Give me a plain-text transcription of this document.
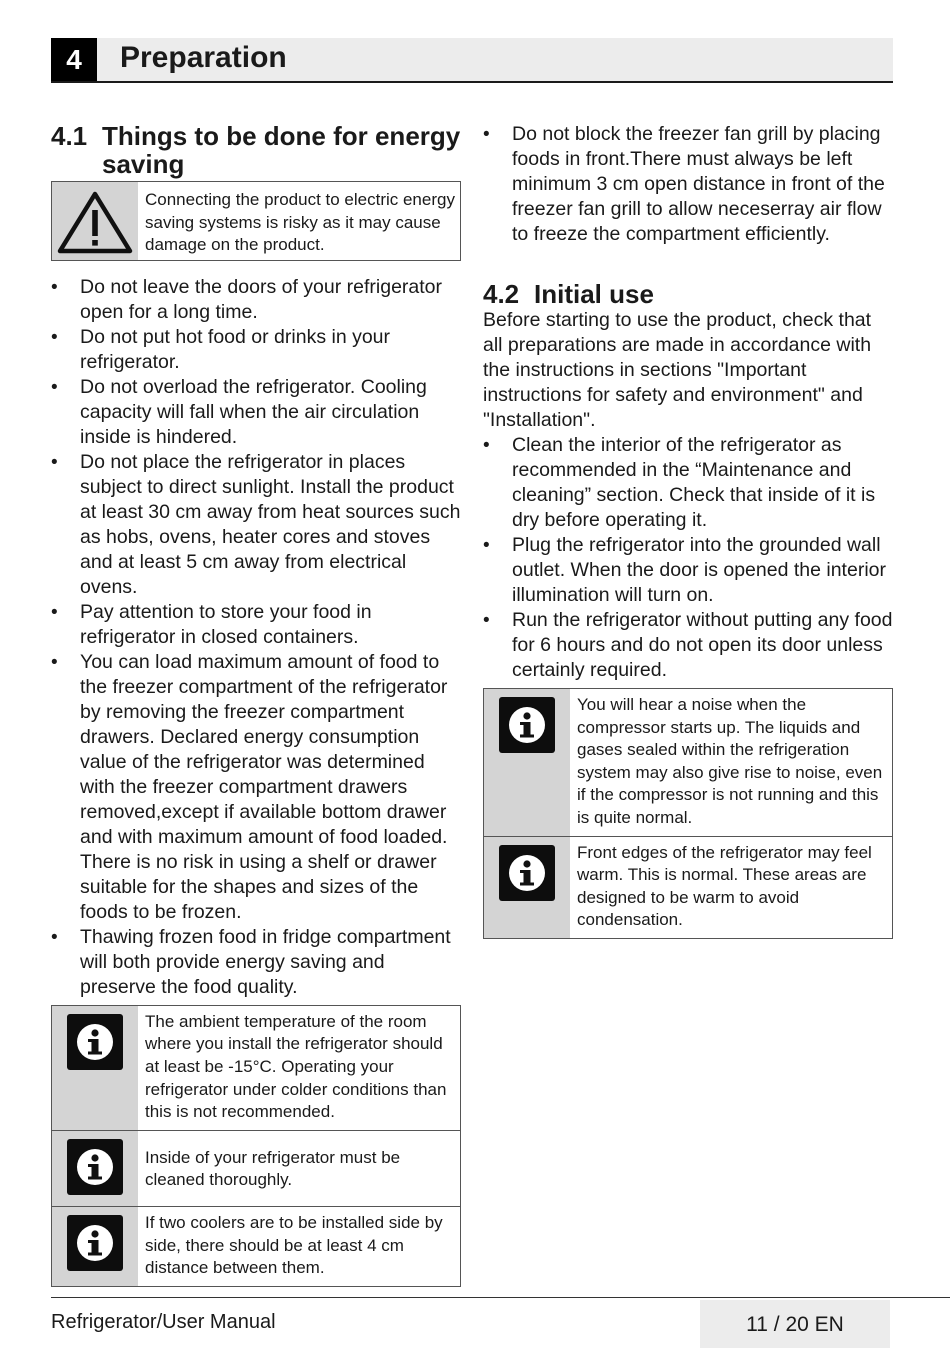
4	Preparation
4.1 Things to be done for energy saving
Connecting the product to electric energy saving systems is risky as it may cause damage on the product.
• Do not leave the doors of your refrigerator open for a long time.
• Do not put hot food or drinks in your refrigerator.
• Do not overload the refrigerator. Cooling capacity will fall when the air circulation inside is hindered.
• Do not place the refrigerator in places subject to direct sunlight. Install the product at least 30 cm away from heat sources such as hobs, ovens, heater cores and stoves and at least 5 cm away from electrical ovens.
• Pay attention to store your food in refrigerator in closed containers.
• You can load maximum amount of food to the freezer compartment of the refrigerator by removing the freezer compartment drawers. Declared energy consumption value of the refrigerator was determined with the freezer compartment drawers removed,except if available bottom drawer and with maximum amount of food loaded. There is no risk in using a shelf or drawer suitable for the shapes and sizes of the foods to be frozen.
• Thawing frozen food in fridge compartment will both provide energy saving and preserve the food quality.
The ambient temperature of the room where you install the refrigerator should at least be -15°C. Operating your refrigerator under colder conditions than this is not recommended.
Inside of your refrigerator must be cleaned thoroughly.
If two coolers are to be installed side by side, there should be at least 4 cm distance between them.
• Do not block the freezer fan grill by placing foods in front.There must always be left minimum 3 cm open distance in front of the freezer fan grill to allow neceserray air flow to freeze the compartment efficiently.
4.2 Initial use

Before starting to use the product, check that all preparations are made in accordance with the instructions in sections "Important instructions for safety and environment" and "Installation".

• Clean the interior of the refrigerator as recommended in the “Maintenance and cleaning” section. Check that inside of it is dry before operating it.
• Plug the refrigerator into the grounded wall outlet. When the door is opened the interior illumination will turn on.
• Run the refrigerator without putting any food for 6 hours and do not open its door unless certainly required.
You will hear a noise when the compressor starts up. The liquids and gases sealed within the refrigeration system may also give rise to noise, even if the compressor is not running and this is quite normal.
Front edges of the refrigerator may feel warm. This is normal. These areas are designed to be warm to avoid condensation.
Refrigerator/User Manual	11 / 20 EN
